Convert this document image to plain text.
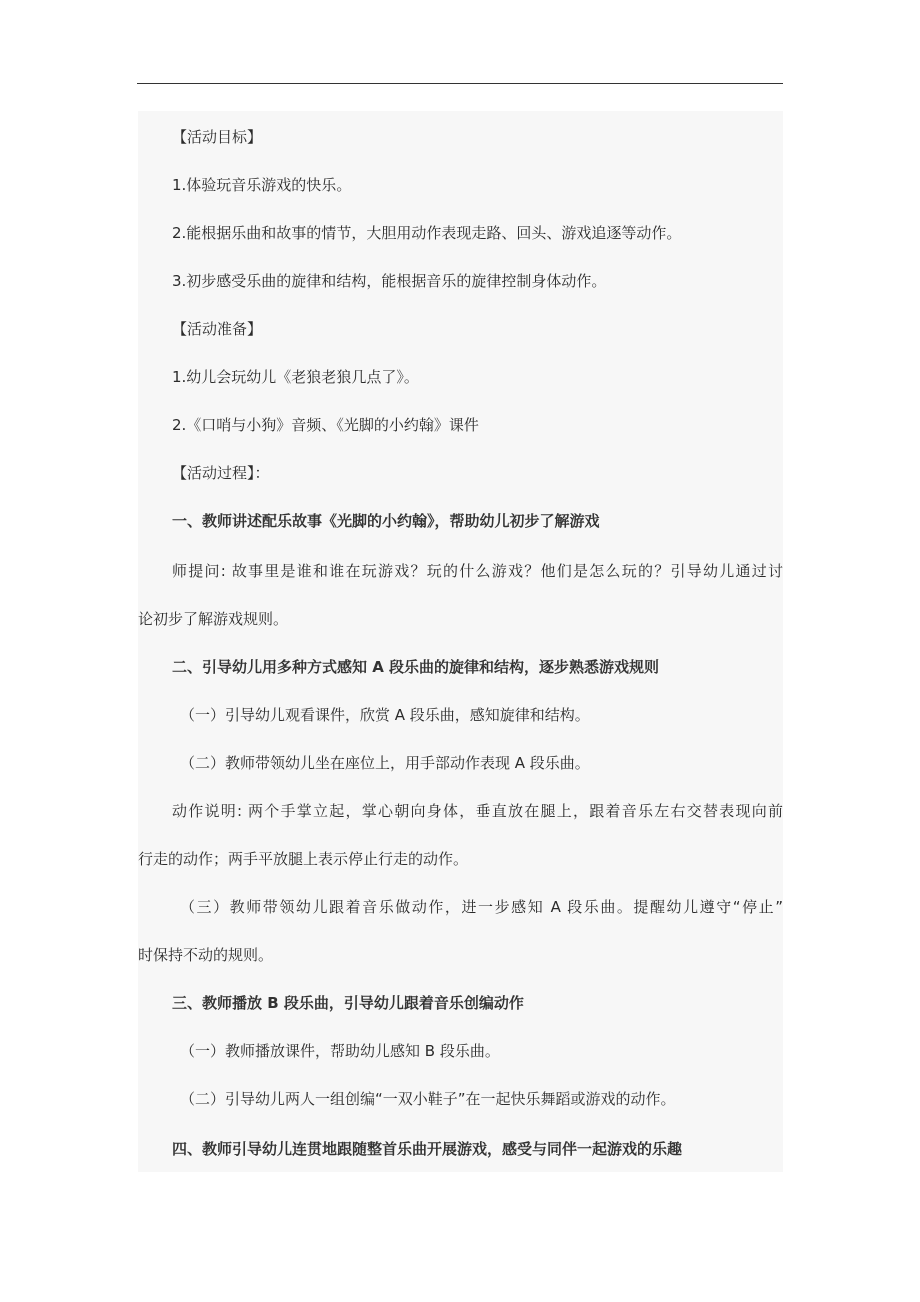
【活动目标】
1.体验玩音乐游戏的快乐。
2.能根据乐曲和故事的情节，大胆用动作表现走路、回头、游戏追逐等动作。
3.初步感受乐曲的旋律和结构，能根据音乐的旋律控制身体动作。
【活动准备】
1.幼儿会玩幼儿《老狼老狼几点了》。
2.《口哨与小狗》音频、《光脚的小约翰》课件
【活动过程】：
一、教师讲述配乐故事《光脚的小约翰》，帮助幼儿初步了解游戏
师提问: 故事里是谁和谁在玩游戏？玩的什么游戏？他们是怎么玩的？引导幼儿通过讨
论初步了解游戏规则。
二、引导幼儿用多种方式感知 A 段乐曲的旋律和结构，逐步熟悉游戏规则
（一）引导幼儿观看课件，欣赏 A 段乐曲，感知旋律和结构。
（二）教师带领幼儿坐在座位上，用手部动作表现 A 段乐曲。
动作说明: 两个手掌立起，掌心朝向身体，垂直放在腿上，跟着音乐左右交替表现向前
行走的动作；两手平放腿上表示停止行走的动作。
（三）教师带领幼儿跟着音乐做动作，进一步感知 A 段乐曲。提醒幼儿遵守“停止”
时保持不动的规则。
三、教师播放 B 段乐曲，引导幼儿跟着音乐创编动作
（一）教师播放课件，帮助幼儿感知 B 段乐曲。
（二）引导幼儿两人一组创编“一双小鞋子”在一起快乐舞蹈或游戏的动作。
四、教师引导幼儿连贯地跟随整首乐曲开展游戏，感受与同伴一起游戏的乐趣
